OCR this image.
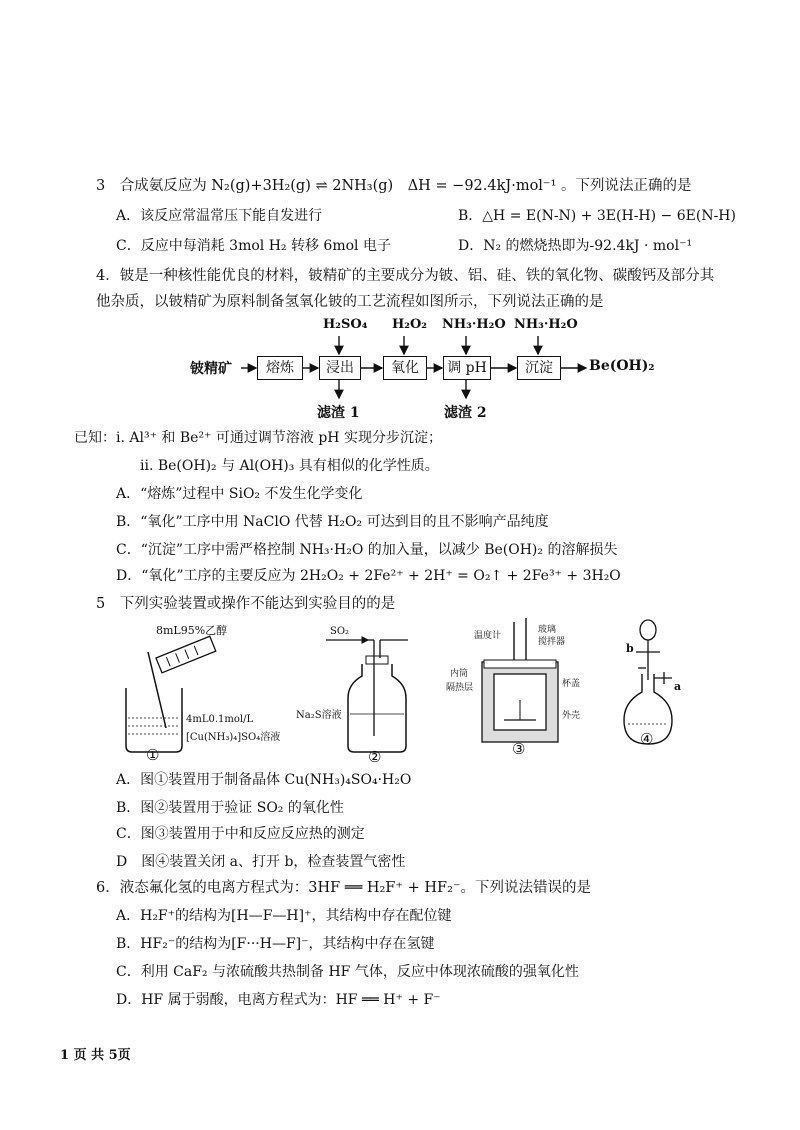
3　合成氨反应为 N₂(g)+3H₂(g) ⇌ 2NH₃(g)　ΔH = −92.4kJ·mol⁻¹ 。下列说法正确的是
A．该反应常温常压下能自发进行	B．△H = E(N-N) + 3E(H-H) − 6E(N-H)
C．反应中每消耗 3mol H₂ 转移 6mol 电子	D．N₂ 的燃烧热即为-92.4kJ · mol⁻¹
4．铍是一种核性能优良的材料，铍精矿的主要成分为铍、铝、硅、铁的氧化物、碳酸钙及部分其
他杂质，以铍精矿为原料制备氢氧化铍的工艺流程如图所示，下列说法正确的是
H₂SO₄ H₂O₂ NH₃·H₂O NH₃·H₂O
铍精矿	熔炼	浸出	氧化	调 pH	沉淀	Be(OH)₂
滤渣 1	滤渣 2
已知：i. Al³⁺ 和 Be²⁺ 可通过调节溶液 pH 实现分步沉淀；
ii. Be(OH)₂ 与 Al(OH)₃ 具有相似的化学性质。
A．“熔炼”过程中 SiO₂ 不发生化学变化
B．“氧化”工序中用 NaClO 代替 H₂O₂ 可达到目的且不影响产品纯度
C．“沉淀”工序中需严格控制 NH₃·H₂O 的加入量，以减少 Be(OH)₂ 的溶解损失
D．“氧化”工序的主要反应为 2H₂O₂ + 2Fe²⁺ + 2H⁺ = O₂↑ + 2Fe³⁺ + 3H₂O
5　下列实验装置或操作不能达到实验目的的是
8mL95%乙醇
4mL0.1mol/L
[Cu(NH₃)₄]SO₄溶液
①
SO₂
Na₂S溶液
②
温度计
玻璃
搅拌器
内筒
隔热层	杯盖
外壳
③
b
a
④
A．图①装置用于制备晶体 Cu(NH₃)₄SO₄·H₂O
B．图②装置用于验证 SO₂ 的氧化性
C．图③装置用于中和反应反应热的测定
D　图④装置关闭 a、打开 b，检查装置气密性
6．液态氟化氢的电离方程式为：3HF ══ H₂F⁺ + HF₂⁻。下列说法错误的是
A．H₂F⁺的结构为[H—F—H]⁺，其结构中存在配位键
B．HF₂⁻的结构为[F···H—F]⁻，其结构中存在氢键
C．利用 CaF₂ 与浓硫酸共热制备 HF 气体，反应中体现浓硫酸的强氧化性
D．HF 属于弱酸，电离方程式为：HF ══ H⁺ + F⁻
1 页 共 5页
